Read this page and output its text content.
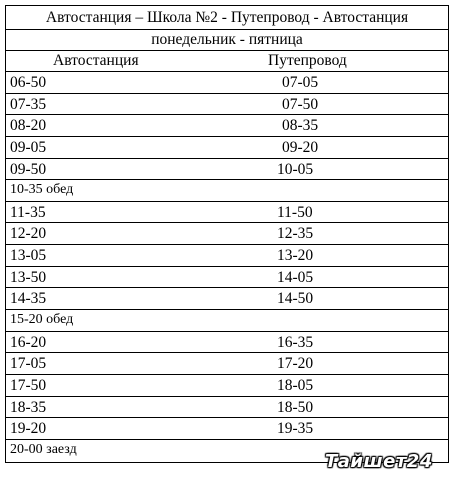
Автостанция – Школа №2 - Путепровод - Автостанция
понедельник - пятница
Автостанция	Путепровод
06-50	07-05
07-35	07-50
08-20	08-35
09-05	09-20
09-50	10-05
10-35 обед
11-35	11-50
12-20	12-35
13-05	13-20
13-50	14-05
14-35	14-50
15-20 обед
16-20	16-35
17-05	17-20
17-50	18-05
18-35	18-50
19-20	19-35
20-00 заезд
Тайшет24
